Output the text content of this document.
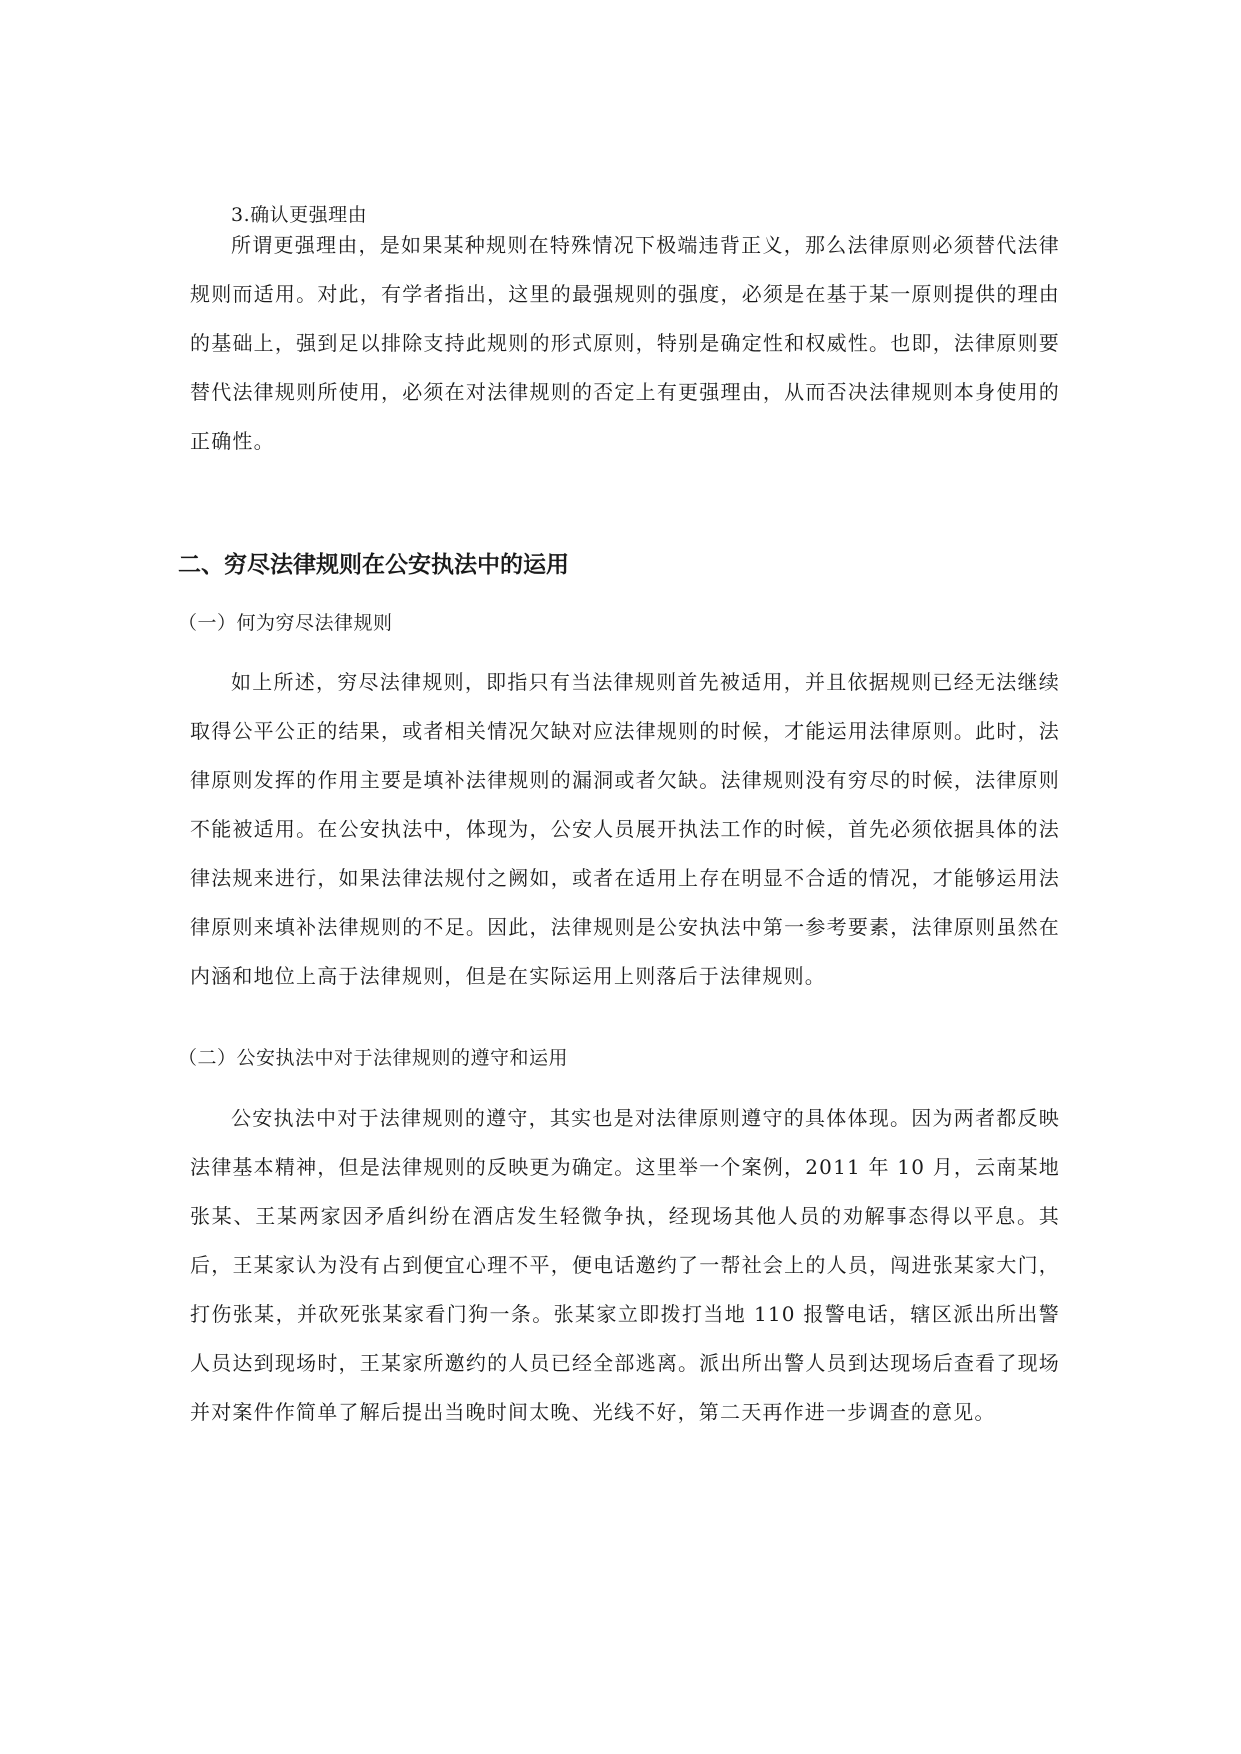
3.确认更强理由

所谓更强理由，是如果某种规则在特殊情况下极端违背正义，那么法律原则必须替代法律规则而适用。对此，有学者指出，这里的最强规则的强度，必须是在基于某一原则提供的理由的基础上，强到足以排除支持此规则的形式原则，特别是确定性和权威性。也即，法律原则要替代法律规则所使用，必须在对法律规则的否定上有更强理由，从而否决法律规则本身使用的正确性。

二、穷尽法律规则在公安执法中的运用
（一）何为穷尽法律规则

如上所述，穷尽法律规则，即指只有当法律规则首先被适用，并且依据规则已经无法继续取得公平公正的结果，或者相关情况欠缺对应法律规则的时候，才能运用法律原则。此时，法律原则发挥的作用主要是填补法律规则的漏洞或者欠缺。法律规则没有穷尽的时候，法律原则不能被适用。在公安执法中，体现为，公安人员展开执法工作的时候，首先必须依据具体的法律法规来进行，如果法律法规付之阙如，或者在适用上存在明显不合适的情况，才能够运用法律原则来填补法律规则的不足。因此，法律规则是公安执法中第一参考要素，法律原则虽然在内涵和地位上高于法律规则，但是在实际运用上则落后于法律规则。

（二）公安执法中对于法律规则的遵守和运用

公安执法中对于法律规则的遵守，其实也是对法律原则遵守的具体体现。因为两者都反映法律基本精神，但是法律规则的反映更为确定。这里举一个案例，2011 年 10 月，云南某地张某、王某两家因矛盾纠纷在酒店发生轻微争执，经现场其他人员的劝解事态得以平息。其后，王某家认为没有占到便宜心理不平，便电话邀约了一帮社会上的人员，闯进张某家大门，打伤张某，并砍死张某家看门狗一条。张某家立即拨打当地 110 报警电话，辖区派出所出警人员达到现场时，王某家所邀约的人员已经全部逃离。派出所出警人员到达现场后查看了现场并对案件作简单了解后提出当晚时间太晚、光线不好，第二天再作进一步调查的意见。
